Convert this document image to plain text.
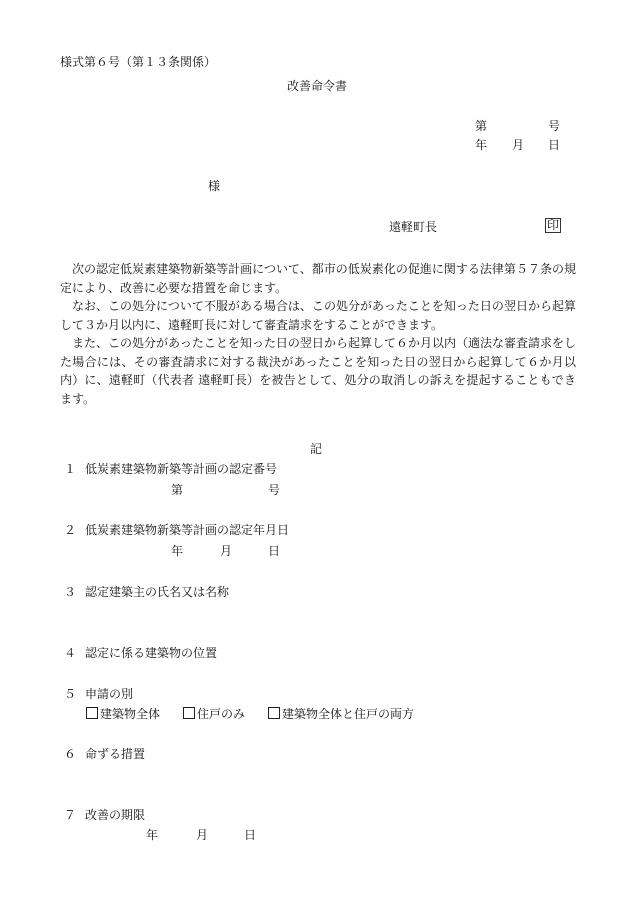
様式第６号（第１３条関係）
改善命令書
第	号
年 月 日
様
遠軽町長	印
次の認定低炭素建築物新築等計画について、都市の低炭素化の促進に関する法律第５７条の規定により、改善に必要な措置を命じます。
なお、この処分について不服がある場合は、この処分があったことを知った日の翌日から起算して３か月以内に、遠軽町長に対して審査請求をすることができます。
また、この処分があったことを知った日の翌日から起算して６か月以内（適法な審査請求をした場合には、その審査請求に対する裁決があったことを知った日の翌日から起算して６か月以内）に、遠軽町（代表者 遠軽町長）を被告として、処分の取消しの訴えを提起することもできます。
記
１ 低炭素建築物新築等計画の認定番号
第	号
２ 低炭素建築物新築等計画の認定年月日
年	月	日
３ 認定建築主の氏名又は名称
４ 認定に係る建築物の位置
５ 申請の別
建築物全体	住戸のみ	建築物全体と住戸の両方
６ 命ずる措置
７ 改善の期限
年	月	日
